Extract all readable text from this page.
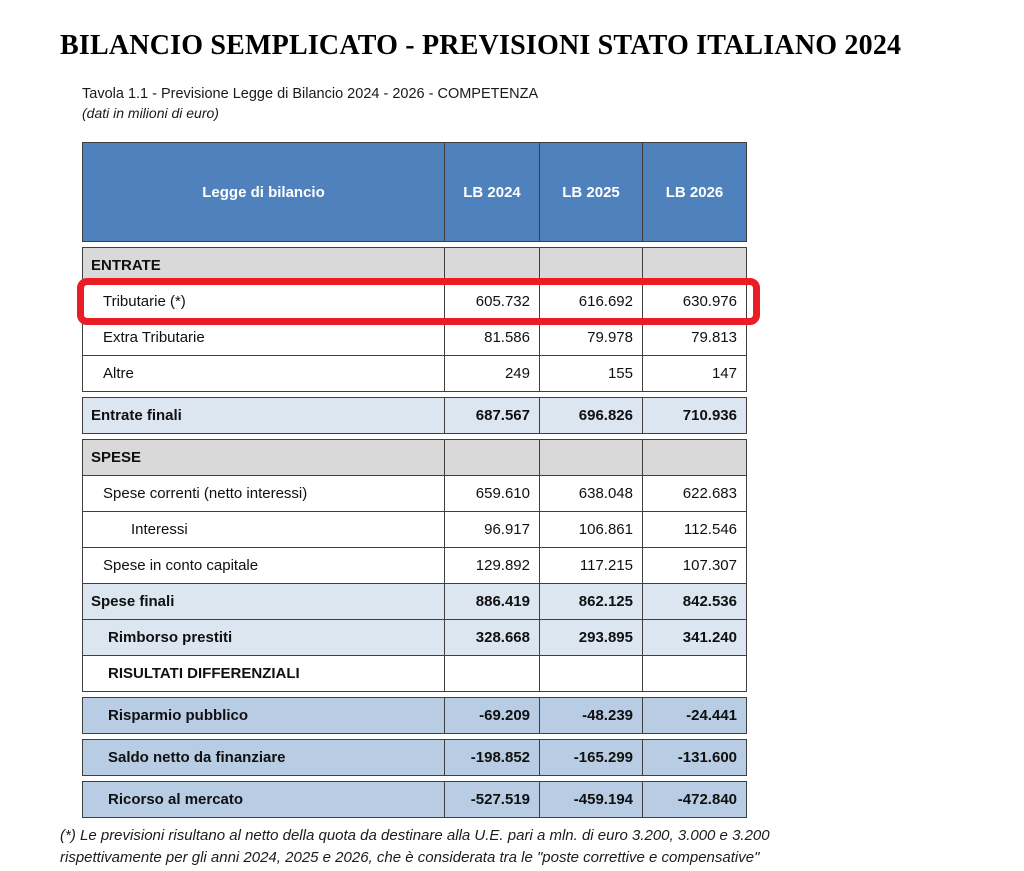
BILANCIO SEMPLICATO - PREVISIONI STATO ITALIANO 2024
Tavola 1.1 - Previsione Legge di Bilancio 2024 - 2026 - COMPETENZA
(dati in milioni di euro)
Legge di bilancio	LB 2024	LB 2025	LB 2026
ENTRATE
Tributarie (*)	605.732	616.692	630.976
Extra Tributarie	81.586	79.978	79.813
Altre	249	155	147
Entrate finali	687.567	696.826	710.936
SPESE
Spese correnti (netto interessi)	659.610	638.048	622.683
Interessi	96.917	106.861	112.546
Spese in conto capitale	129.892	117.215	107.307
Spese finali	886.419	862.125	842.536
Rimborso prestiti	328.668	293.895	341.240
RISULTATI DIFFERENZIALI
Risparmio pubblico	-69.209	-48.239	-24.441
Saldo netto da finanziare	-198.852	-165.299	-131.600
Ricorso al mercato	-527.519	-459.194	-472.840
(*) Le previsioni risultano al netto della quota da destinare alla U.E. pari a mln. di euro 3.200, 3.000 e 3.200
rispettivamente per gli anni 2024, 2025 e 2026, che è considerata tra le "poste correttive e compensative"
